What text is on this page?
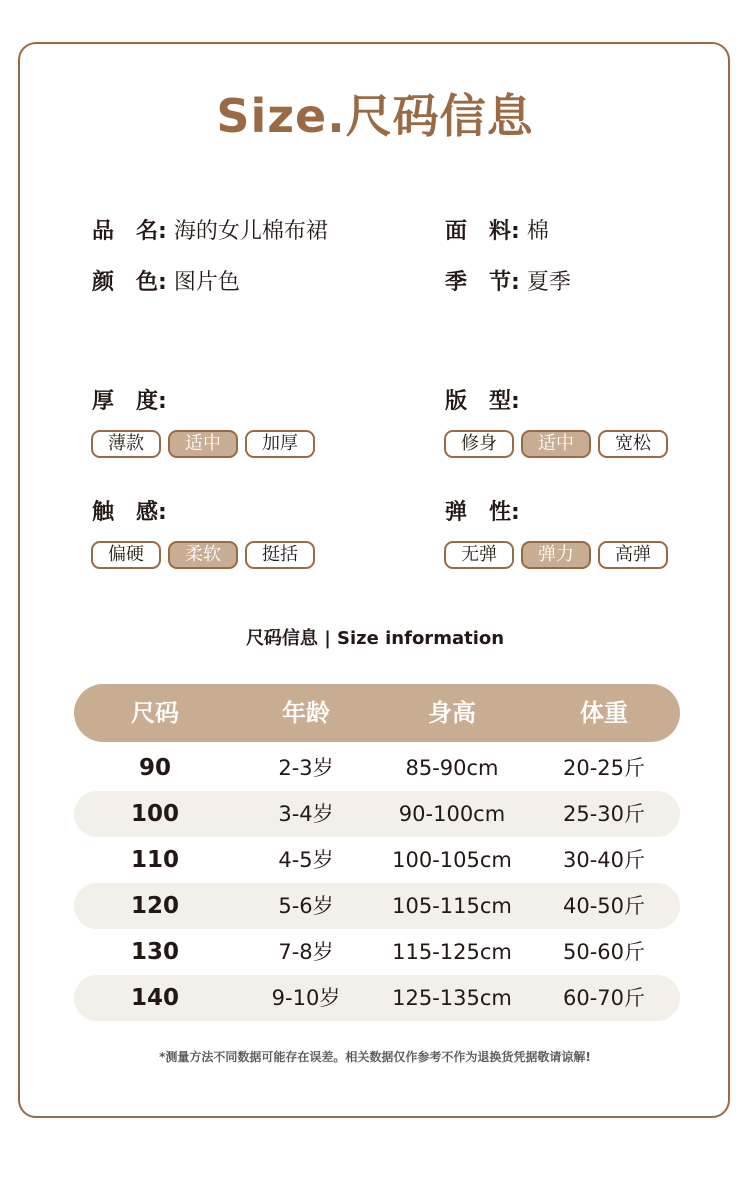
Size.尺码信息
品　名: 海的女儿棉布裙	面　料: 棉
颜　色: 图片色	季　节: 夏季
厚　度:
薄款	适中	加厚
版　型:
修身	适中	宽松
触　感:
偏硬	柔软	挺括
弹　性:
无弹	弹力	高弹
尺码信息 | Size information
尺码	年龄	身高	体重
90	2-3岁	85-90cm	20-25斤
100	3-4岁	90-100cm	25-30斤
110	4-5岁	100-105cm	30-40斤
120	5-6岁	105-115cm	40-50斤
130	7-8岁	115-125cm	50-60斤
140	9-10岁	125-135cm	60-70斤
*测量方法不同数据可能存在误差。相关数据仅作参考不作为退换货凭据敬请谅解!
